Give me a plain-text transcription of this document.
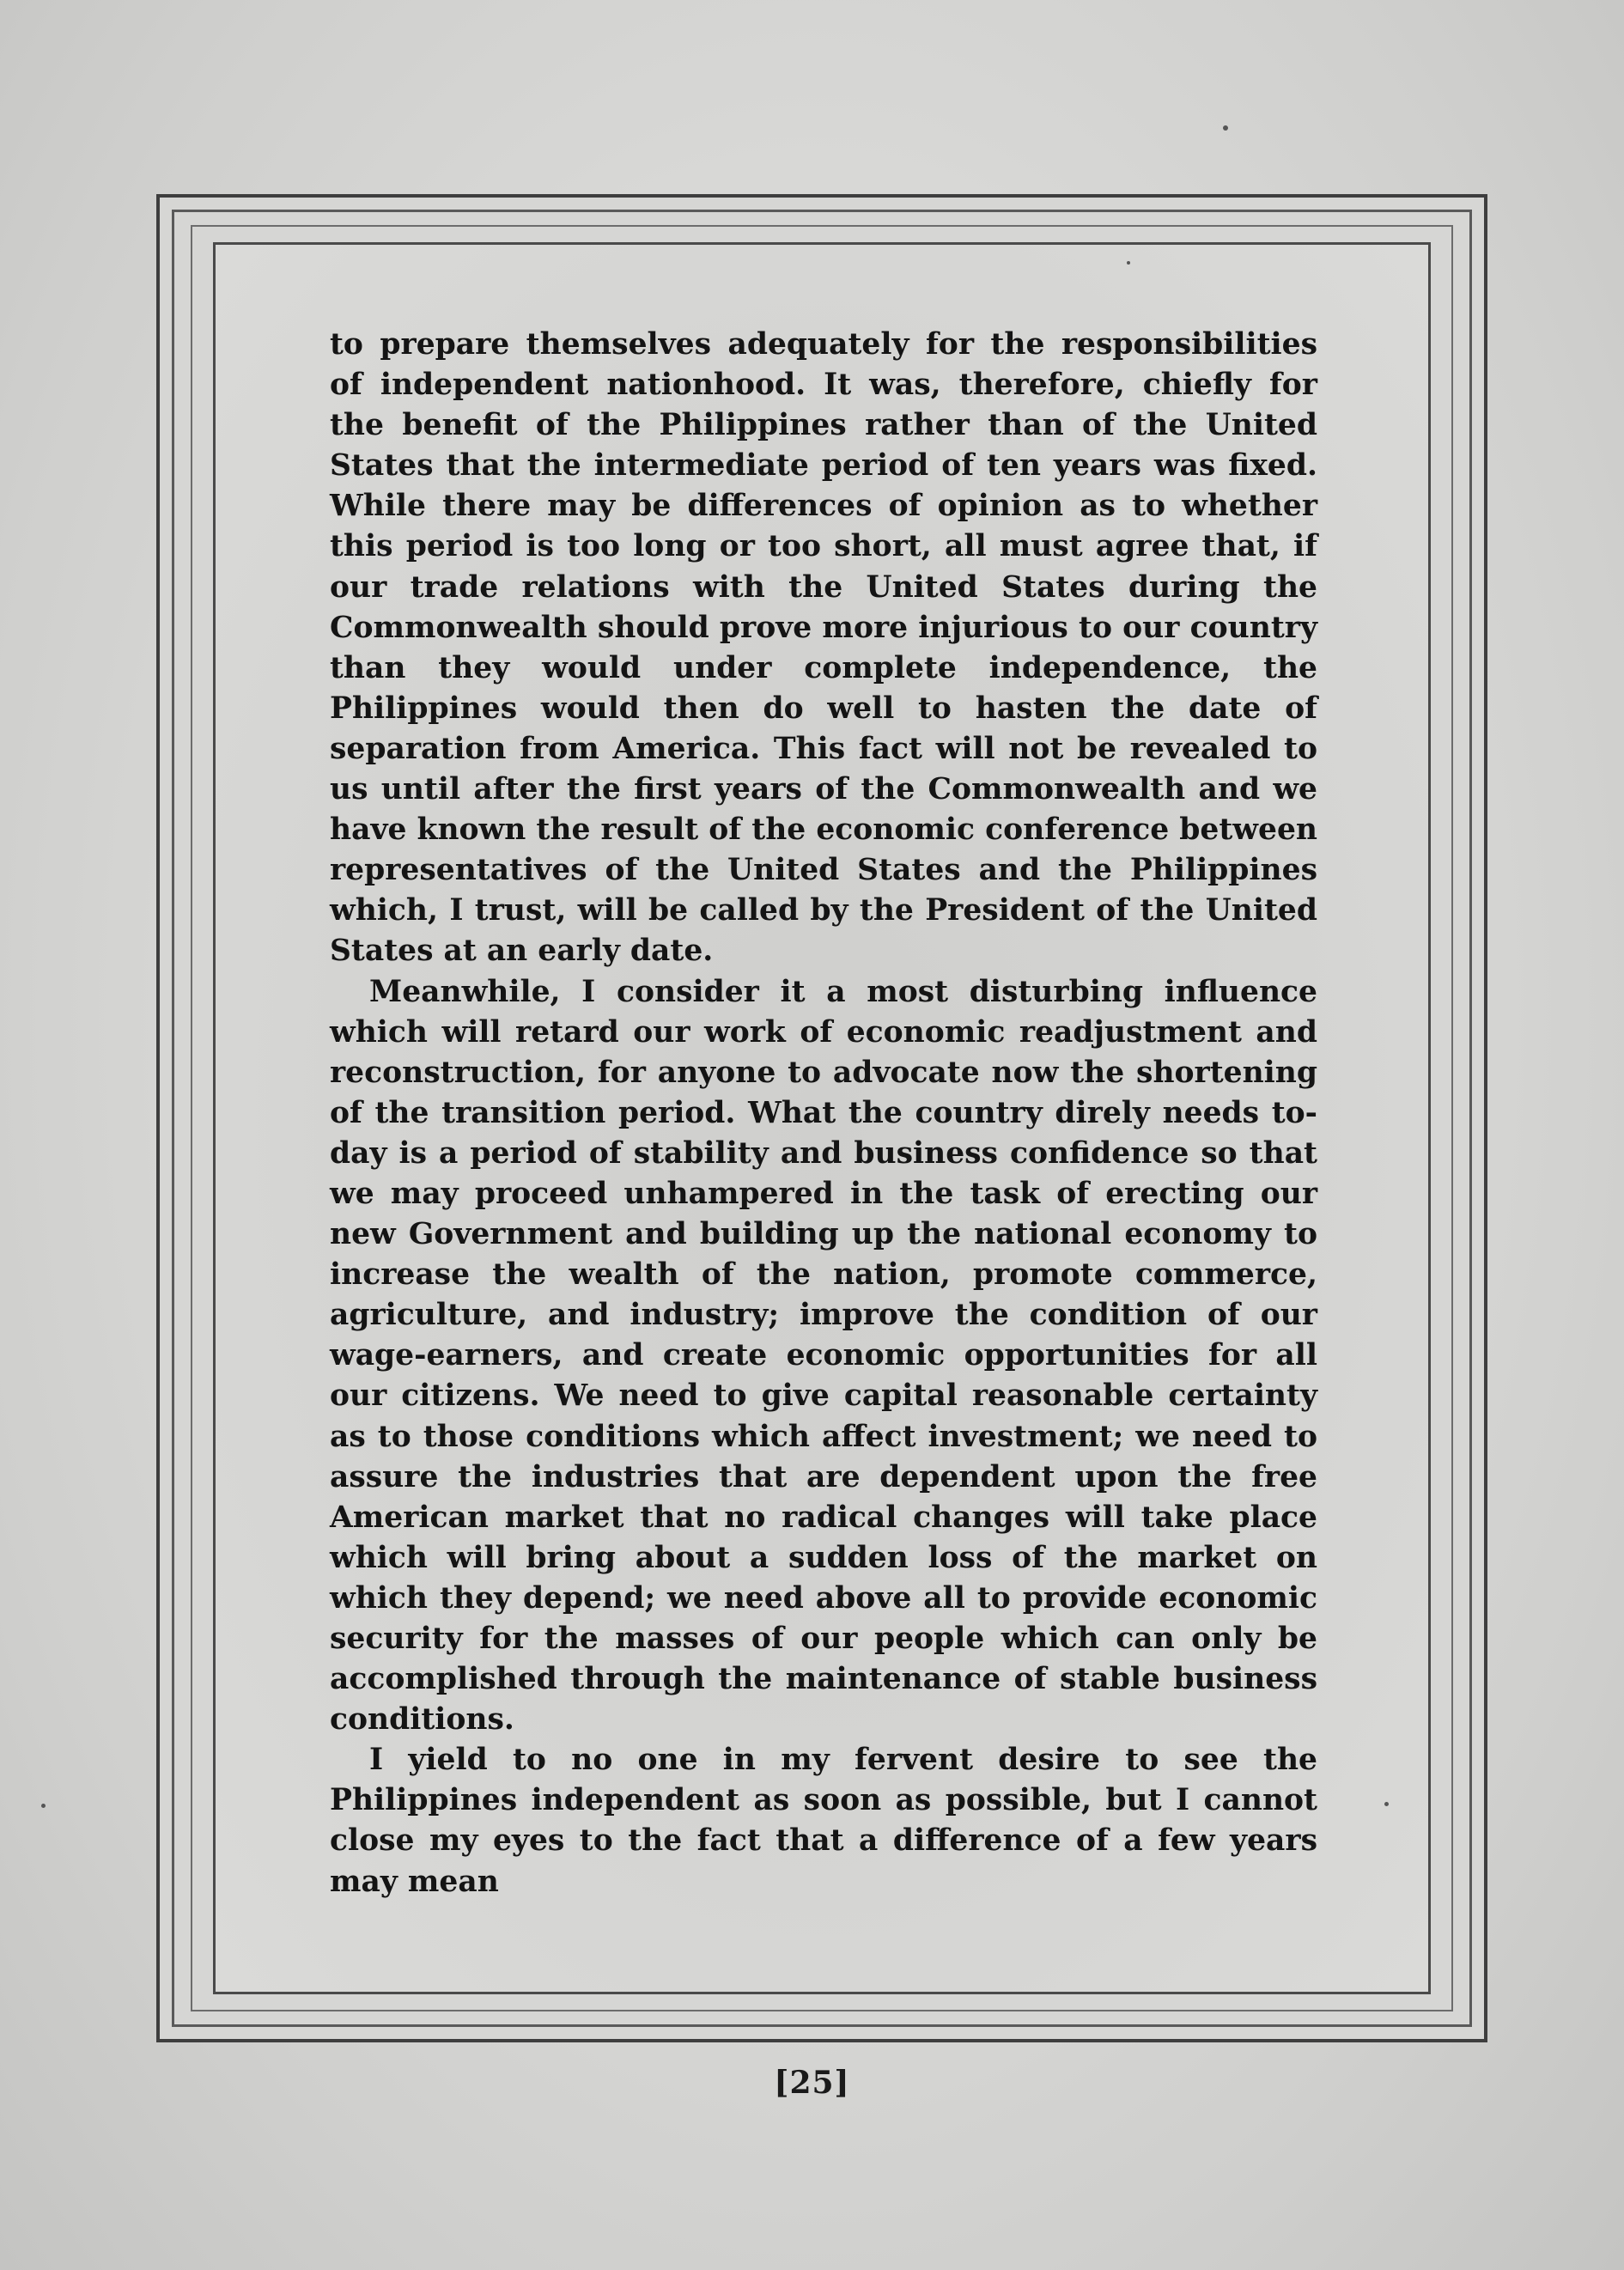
to prepare themselves adequately for the responsibilities of independent nationhood. It was, therefore, chiefly for the benefit of the Philippines rather than of the United States that the intermediate period of ten years was fixed. While there may be differences of opinion as to whether this period is too long or too short, all must agree that, if our trade relations with the United States during the Commonwealth should prove more injurious to our country than they would under complete independence, the Philippines would then do well to hasten the date of separation from America. This fact will not be revealed to us until after the first years of the Commonwealth and we have known the result of the economic conference between representatives of the United States and the Philippines which, I trust, will be called by the President of the United States at an early date.

Meanwhile, I consider it a most disturbing influence which will retard our work of economic readjustment and reconstruction, for anyone to advocate now the shortening of the transition period. What the country direly needs to-day is a period of stability and business confidence so that we may proceed unhampered in the task of erecting our new Government and building up the national economy to increase the wealth of the nation, promote commerce, agriculture, and industry; improve the condition of our wage-earners, and create economic opportunities for all our citizens. We need to give capital reasonable certainty as to those conditions which affect investment; we need to assure the industries that are dependent upon the free American market that no radical changes will take place which will bring about a sudden loss of the market on which they depend; we need above all to provide economic security for the masses of our people which can only be accomplished through the maintenance of stable business conditions.

I yield to no one in my fervent desire to see the Philippines independent as soon as possible, but I cannot close my eyes to the fact that a difference of a few years may mean

[25]
